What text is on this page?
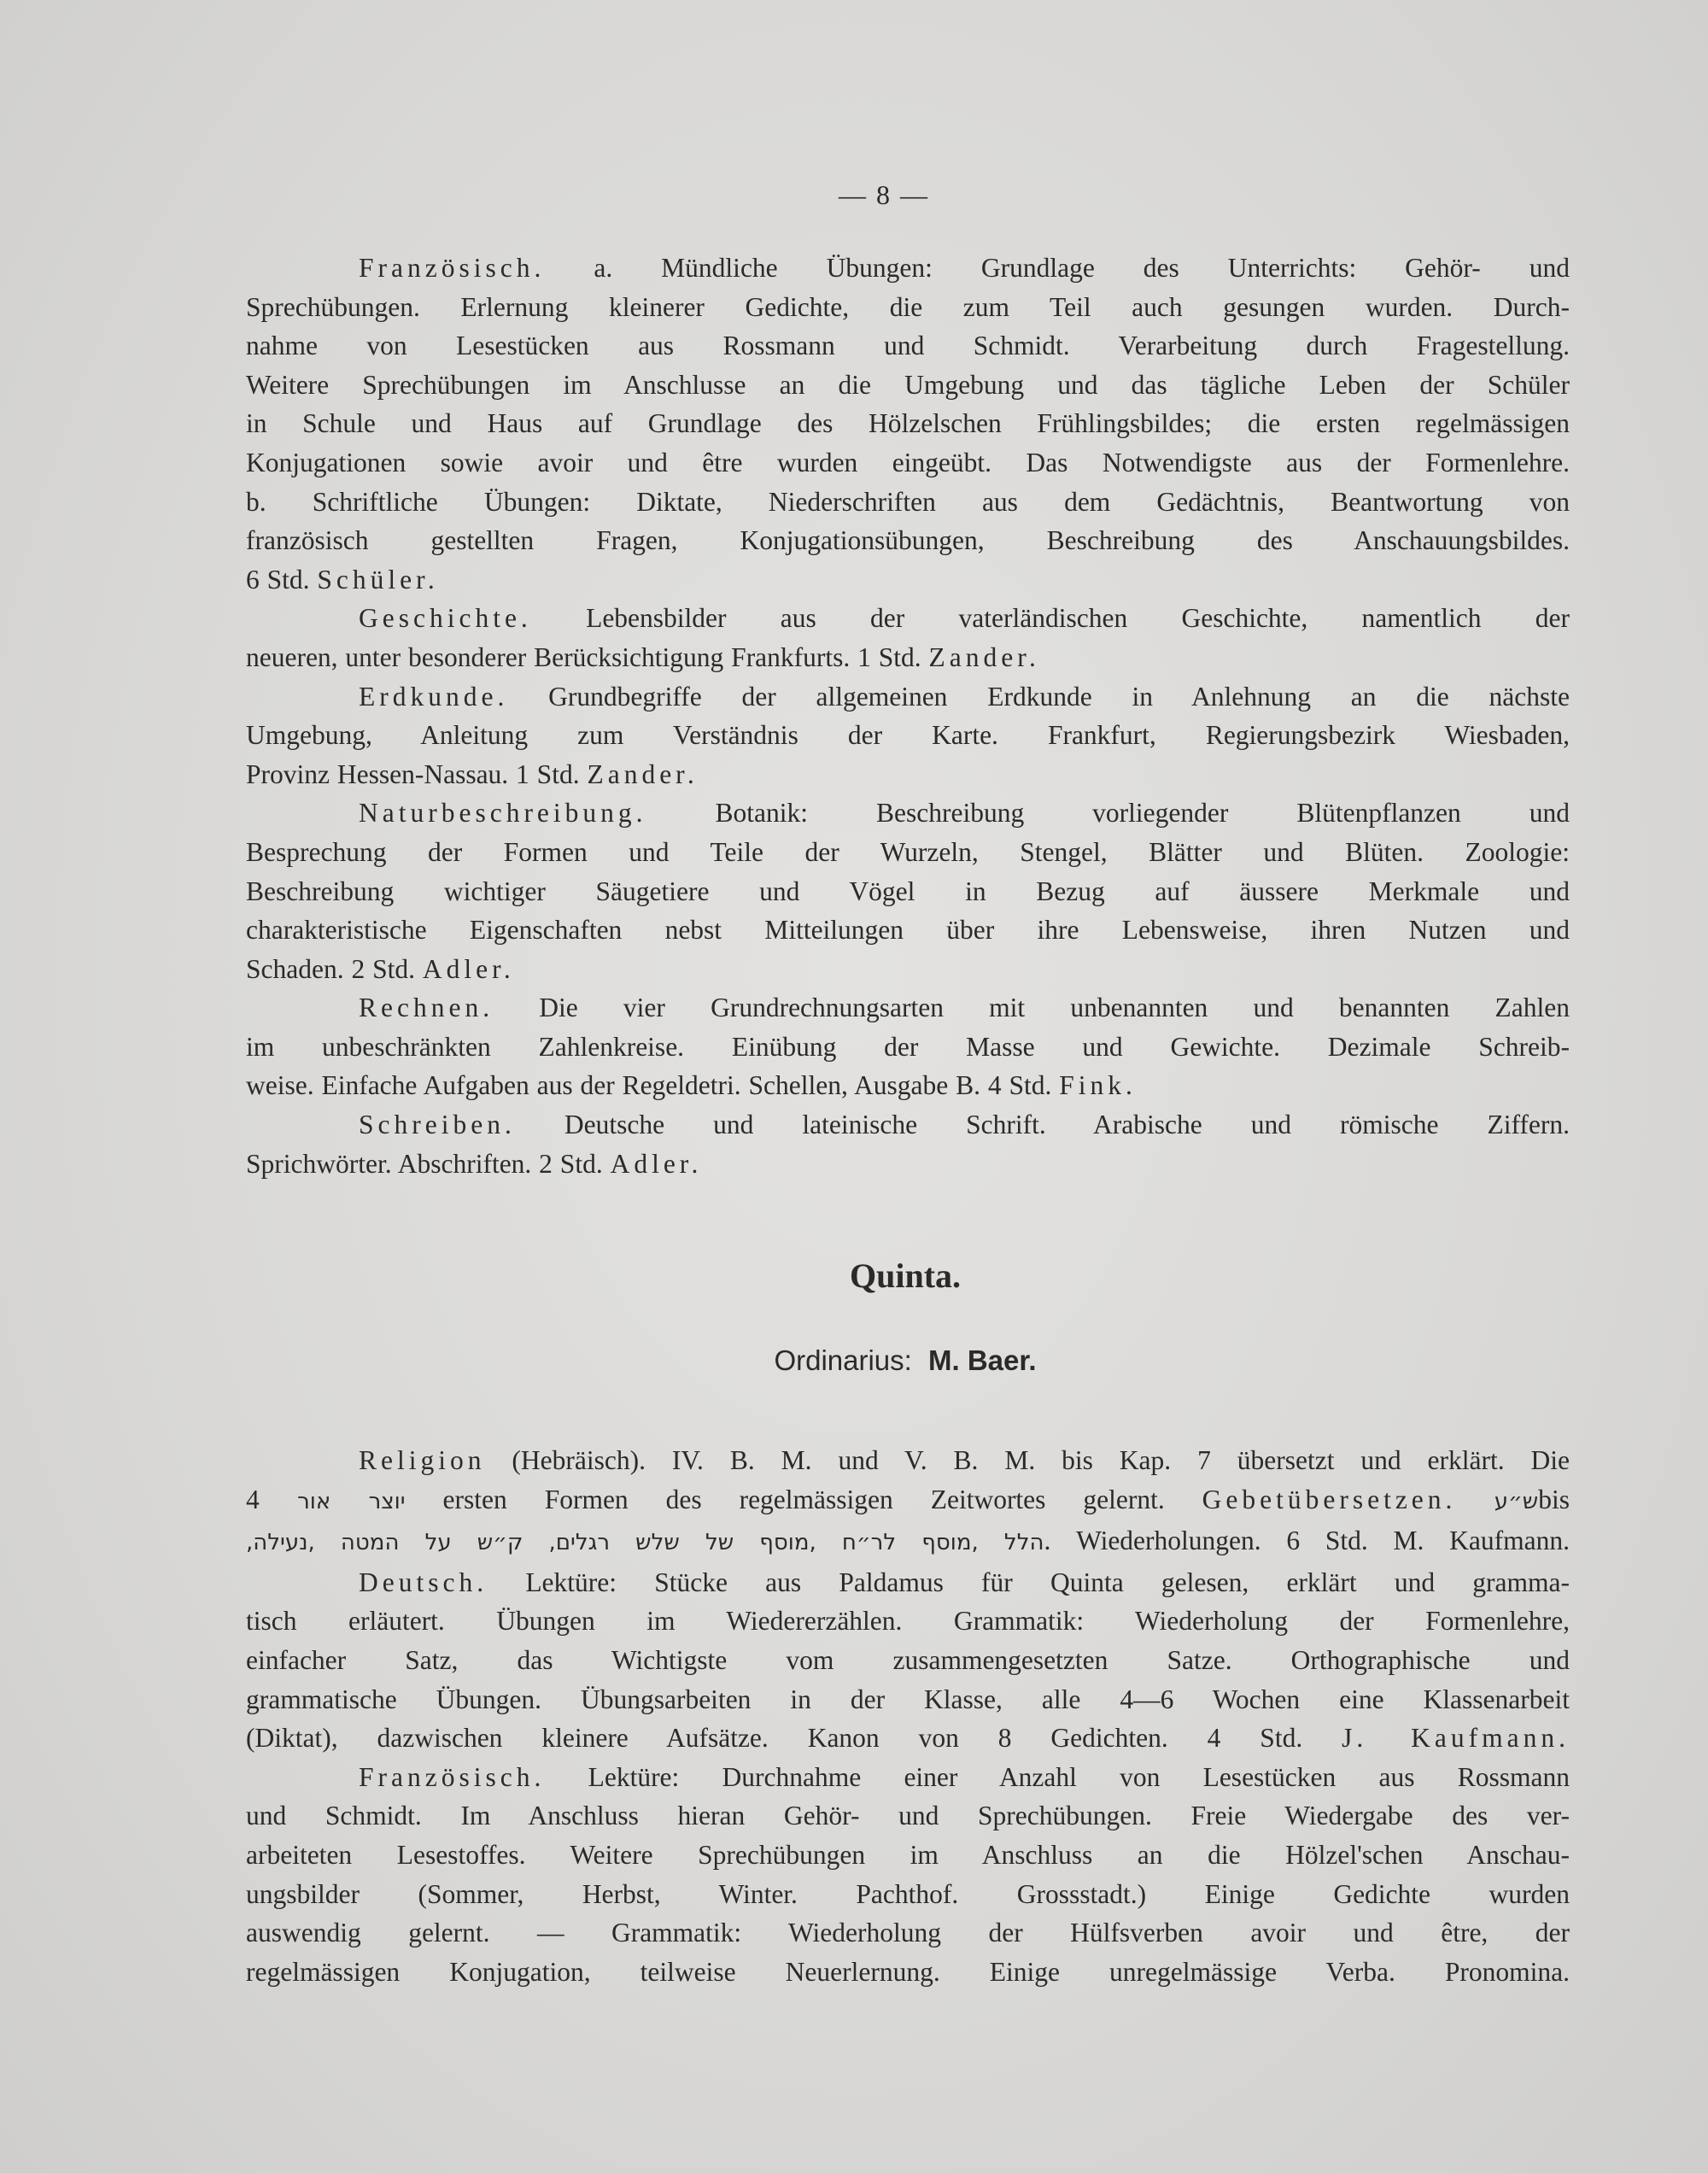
— 8 —

Französisch. a. Mündliche Übungen: Grundlage des Unterrichts: Gehör- und

Sprechübungen. Erlernung kleinerer Gedichte, die zum Teil auch gesungen wurden. Durch-

nahme von Lesestücken aus Rossmann und Schmidt. Verarbeitung durch Fragestellung.

Weitere Sprechübungen im Anschlusse an die Umgebung und das tägliche Leben der Schüler

in Schule und Haus auf Grundlage des Hölzelschen Frühlingsbildes; die ersten regelmässigen

Konjugationen sowie avoir und être wurden eingeübt. Das Notwendigste aus der Formenlehre.

b. Schriftliche Übungen: Diktate, Niederschriften aus dem Gedächtnis, Beantwortung von

französisch gestellten Fragen, Konjugationsübungen, Beschreibung des Anschauungsbildes.

6 Std. Schüler.

Geschichte. Lebensbilder aus der vaterländischen Geschichte, namentlich der

neueren, unter besonderer Berücksichtigung Frankfurts. 1 Std. Zander.

Erdkunde. Grundbegriffe der allgemeinen Erdkunde in Anlehnung an die nächste

Umgebung, Anleitung zum Verständnis der Karte. Frankfurt, Regierungsbezirk Wiesbaden,

Provinz Hessen-Nassau. 1 Std. Zander.

Naturbeschreibung. Botanik: Beschreibung vorliegender Blütenpflanzen und

Besprechung der Formen und Teile der Wurzeln, Stengel, Blätter und Blüten. Zoologie:

Beschreibung wichtiger Säugetiere und Vögel in Bezug auf äussere Merkmale und

charakteristische Eigenschaften nebst Mitteilungen über ihre Lebensweise, ihren Nutzen und

Schaden. 2 Std. Adler.

Rechnen. Die vier Grundrechnungsarten mit unbenannten und benannten Zahlen

im unbeschränkten Zahlenkreise. Einübung der Masse und Gewichte. Dezimale Schreib-

weise. Einfache Aufgaben aus der Regeldetri. Schellen, Ausgabe B. 4 Std. Fink.

Schreiben. Deutsche und lateinische Schrift. Arabische und römische Ziffern.

Sprichwörter. Abschriften. 2 Std. Adler.

Quinta.
Ordinarius: M. Baer.

Religion (Hebräisch). IV. B. M. und V. B. M. bis Kap. 7 übersetzt und erklärt. Die

יוצר אור 4 ersten Formen des regelmässigen Zeitwortes gelernt. Gebetübersetzen. ש״עbis

,הלל ,מוסף לר״ח ,מוסף של שלש רגלים, ק״ש על המטה ,נעילה. Wiederholungen. 6 Std. M. Kaufmann.

Deutsch. Lektüre: Stücke aus Paldamus für Quinta gelesen, erklärt und gramma-

tisch erläutert. Übungen im Wiedererzählen. Grammatik: Wiederholung der Formenlehre,

einfacher Satz, das Wichtigste vom zusammengesetzten Satze. Orthographische und

grammatische Übungen. Übungsarbeiten in der Klasse, alle 4—6 Wochen eine Klassenarbeit

(Diktat), dazwischen kleinere Aufsätze. Kanon von 8 Gedichten. 4 Std. J. Kaufmann.

Französisch. Lektüre: Durchnahme einer Anzahl von Lesestücken aus Rossmann

und Schmidt. Im Anschluss hieran Gehör- und Sprechübungen. Freie Wiedergabe des ver-

arbeiteten Lesestoffes. Weitere Sprechübungen im Anschluss an die Hölzel'schen Anschau-

ungsbilder (Sommer, Herbst, Winter. Pachthof. Grossstadt.) Einige Gedichte wurden

auswendig gelernt. — Grammatik: Wiederholung der Hülfsverben avoir und être, der

regelmässigen Konjugation, teilweise Neuerlernung. Einige unregelmässige Verba. Pronomina.
